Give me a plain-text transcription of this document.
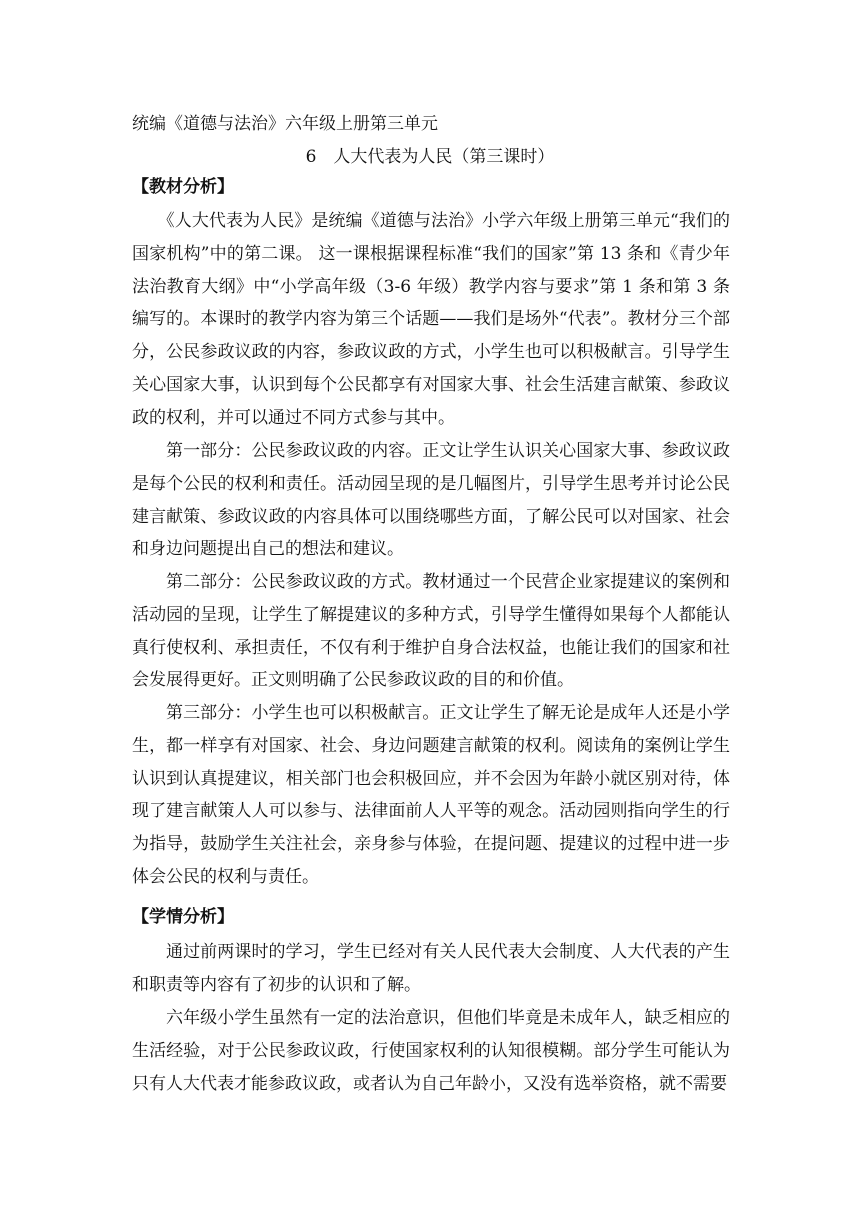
统编《道德与法治》六年级上册第三单元

6　人大代表为人民（第三课时）

【教材分析】

　　《人大代表为人民》是统编《道德与法治》小学六年级上册第三单元“我们的国家机构”中的第二课。 这一课根据课程标准“我们的国家”第 13 条和《青少年法治教育大纲》中“小学高年级（3-6 年级）教学内容与要求”第 1 条和第 3 条编写的。本课时的教学内容为第三个话题——我们是场外“代表”。教材分三个部分，公民参政议政的内容，参政议政的方式，小学生也可以积极献言。引导学生关心国家大事，认识到每个公民都享有对国家大事、社会生活建言献策、参政议政的权利，并可以通过不同方式参与其中。

第一部分：公民参政议政的内容。正文让学生认识关心国家大事、参政议政是每个公民的权利和责任。活动园呈现的是几幅图片，引导学生思考并讨论公民建言献策、参政议政的内容具体可以围绕哪些方面，了解公民可以对国家、社会和身边问题提出自己的想法和建议。

第二部分：公民参政议政的方式。教材通过一个民营企业家提建议的案例和活动园的呈现，让学生了解提建议的多种方式，引导学生懂得如果每个人都能认真行使权利、承担责任，不仅有利于维护自身合法权益，也能让我们的国家和社会发展得更好。正文则明确了公民参政议政的目的和价值。

第三部分：小学生也可以积极献言。正文让学生了解无论是成年人还是小学生，都一样享有对国家、社会、身边问题建言献策的权利。阅读角的案例让学生认识到认真提建议，相关部门也会积极回应，并不会因为年龄小就区别对待，体现了建言献策人人可以参与、法律面前人人平等的观念。活动园则指向学生的行为指导，鼓励学生关注社会，亲身参与体验，在提问题、提建议的过程中进一步体会公民的权利与责任。

【学情分析】

通过前两课时的学习，学生已经对有关人民代表大会制度、人大代表的产生和职责等内容有了初步的认识和了解。

六年级小学生虽然有一定的法治意识，但他们毕竟是未成年人，缺乏相应的生活经验，对于公民参政议政，行使国家权利的认知很模糊。部分学生可能认为只有人大代表才能参政议政，或者认为自己年龄小，又没有选举资格，就不需要
